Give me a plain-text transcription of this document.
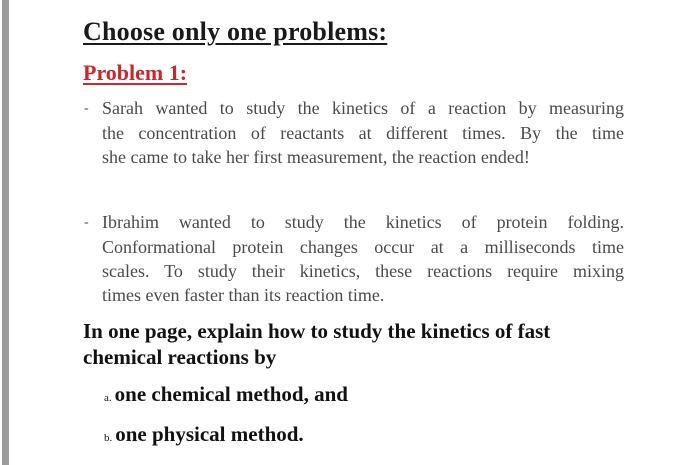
Choose only one problems:
Problem 1:
- Sarah wanted to study the kinetics of a reaction by measuring
the concentration of reactants at different times. By the time
she came to take her first measurement, the reaction ended!
- Ibrahim wanted to study the kinetics of protein folding.
Conformational protein changes occur at a milliseconds time
scales. To study their kinetics, these reactions require mixing
times even faster than its reaction time.
In one page, explain how to study the kinetics of fast
chemical reactions by
a. one chemical method, and
b. one physical method.
